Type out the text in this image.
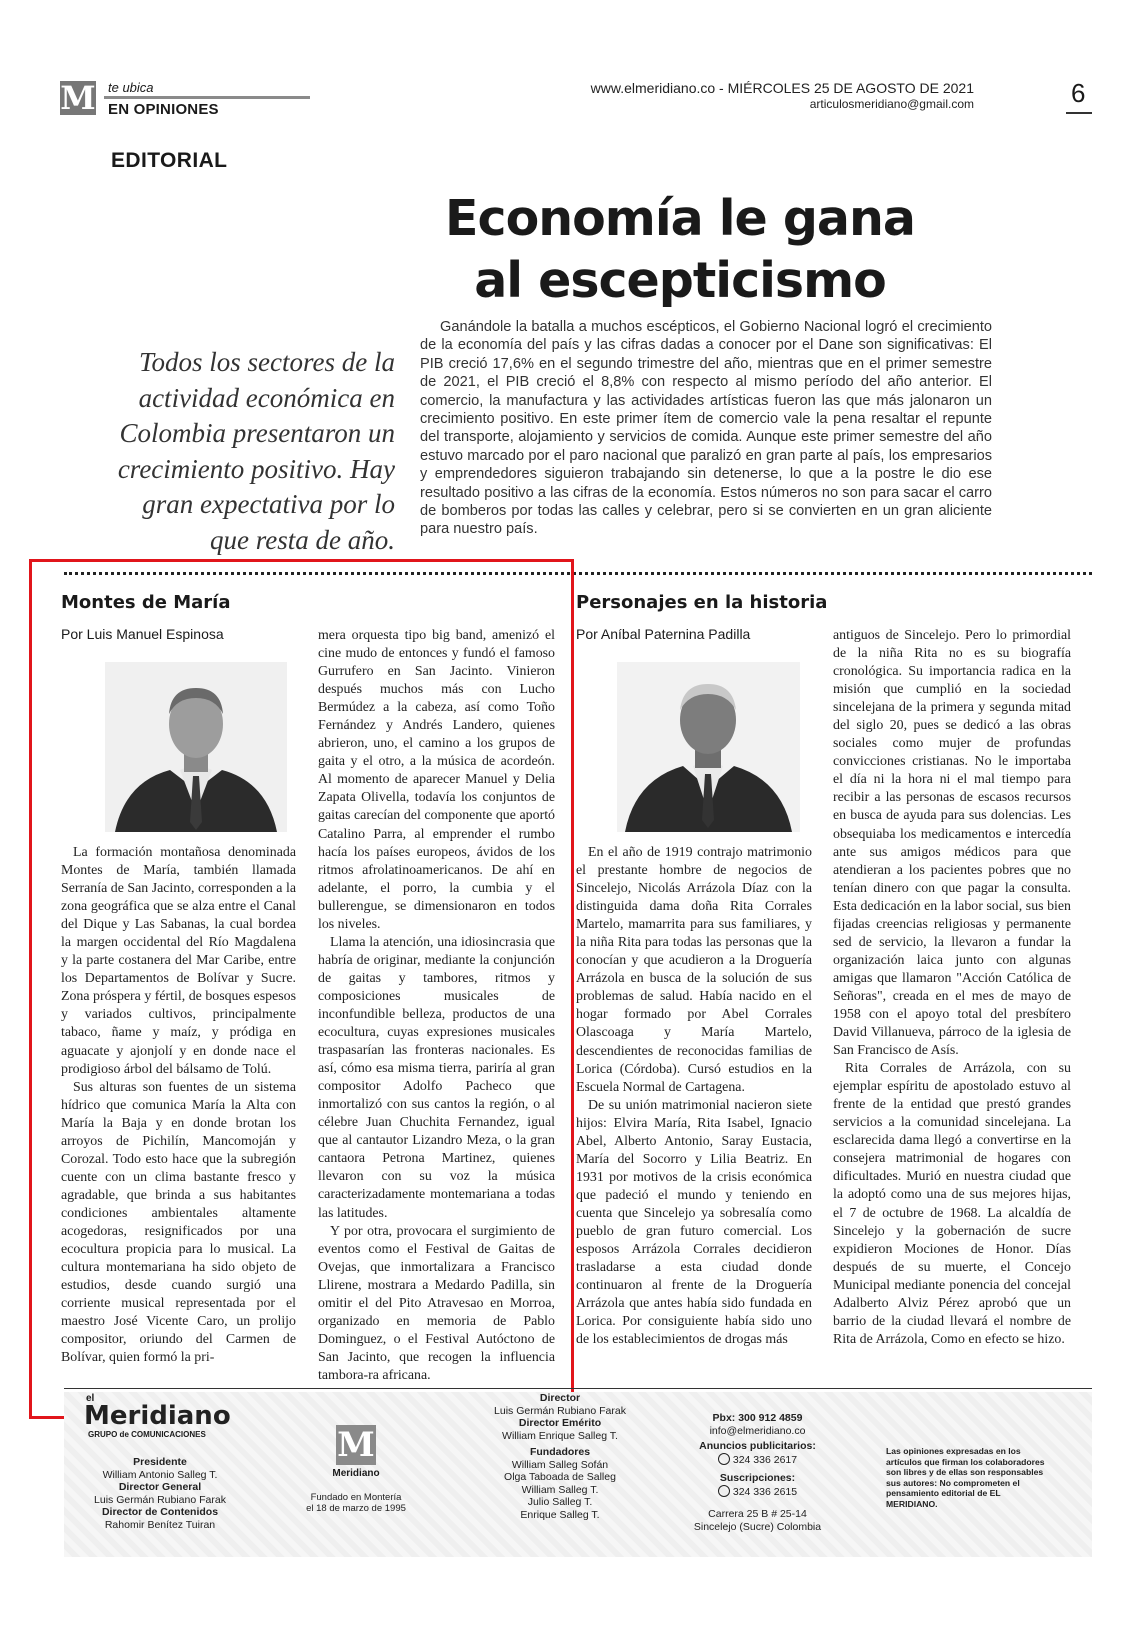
M te ubica
EN OPINIONES
www.elmeridiano.co - MIÉRCOLES 25 DE AGOSTO DE 2021
articulosmeridiano@gmail.com	6
EDITORIAL
Economía le gana
al escepticismo
Todos los sectores de la actividad económica en Colombia presentaron un crecimiento positivo. Hay gran expectativa por lo que resta de año.
Ganándole la batalla a muchos escépticos, el Gobierno Nacional logró el crecimiento de la economía del país y las cifras dadas a conocer por el Dane son significativas: El PIB creció 17,6% en el segundo trimestre del año, mientras que en el primer semestre de 2021, el PIB creció el 8,8% con respecto al mismo período del año anterior. El comercio, la manufactura y las actividades artísticas fueron las que más jalonaron un crecimiento positivo. En este primer ítem de comercio vale la pena resaltar el repunte del transporte, alojamiento y servicios de comida. Aunque este primer semestre del año estuvo marcado por el paro nacional que paralizó en gran parte al país, los empresarios y emprendedores siguieron trabajando sin detenerse, lo que a la postre le dio ese resultado positivo a las cifras de la economía. Estos números no son para sacar el carro de bomberos por todas las calles y celebrar, pero si se convierten en un gran aliciente para nuestro país.
Montes de María
Por Luis Manuel Espinosa

La formación montañosa denominada Montes de María, también llamada Serranía de San Jacinto, corresponden a la zona geográfica que se alza entre el Canal del Dique y Las Sabanas, la cual bordea la margen occidental del Río Magdalena y la parte costanera del Mar Caribe, entre los Departamentos de Bolívar y Sucre. Zona próspera y fértil, de bosques espesos y variados cultivos, principalmente tabaco, ñame y maíz, y pródiga en aguacate y ajonjolí y en donde nace el prodigioso árbol del bálsamo de Tolú.

Sus alturas son fuentes de un sistema hídrico que comunica María la Alta con María la Baja y en donde brotan los arroyos de Pichilín, Mancomoján y Corozal. Todo esto hace que la subregión cuente con un clima bastante fresco y agradable, que brinda a sus habitantes condiciones ambientales altamente acogedoras, resignificados por una ecocultura propicia para lo musical. La cultura montemariana ha sido objeto de estudios, desde cuando surgió una corriente musical representada por el maestro José Vicente Caro, un prolijo compositor, oriundo del Carmen de Bolívar, quien formó la pri-

mera orquesta tipo big band, amenizó el cine mudo de entonces y fundó el famoso Gurrufero en San Jacinto. Vinieron después muchos más con Lucho Bermúdez a la cabeza, así como Toño Fernández y Andrés Landero, quienes abrieron, uno, el camino a los grupos de gaita y el otro, a la música de acordeón. Al momento de aparecer Manuel y Delia Zapata Olivella, todavía los conjuntos de gaitas carecían del componente que aportó Catalino Parra, al emprender el rumbo hacía los países europeos, ávidos de los ritmos afrolatinoamericanos. De ahí en adelante, el porro, la cumbia y el bullerengue, se dimensionaron en todos los niveles.

Llama la atención, una idiosincrasia que habría de originar, mediante la conjunción de gaitas y tambores, ritmos y composiciones musicales de inconfundible belleza, productos de una ecocultura, cuyas expresiones musicales traspasarían las fronteras nacionales. Es así, cómo esa misma tierra, pariría al gran compositor Adolfo Pacheco que inmortalizó con sus cantos la región, o al célebre Juan Chuchita Fernandez, igual que al cantautor Lizandro Meza, o la gran cantaora Petrona Martinez, quienes llevaron con su voz la música caracterizadamente montemariana a todas las latitudes.

Y por otra, provocara el surgimiento de eventos como el Festival de Gaitas de Ovejas, que inmortalizara a Francisco Llirene, mostrara a Medardo Padilla, sin omitir el del Pito Atravesao en Morroa, organizado en memoria de Pablo Dominguez, o el Festival Autóctono de San Jacinto, que recogen la influencia tambora-ra africana.

Personajes en la historia
Por Aníbal Paternina Padilla

En el año de 1919 contrajo matrimonio el prestante hombre de negocios de Sincelejo, Nicolás Arrázola Díaz con la distinguida dama doña Rita Corrales Martelo, mamarrita para sus familiares, y la niña Rita para todas las personas que la conocían y que acudieron a la Droguería Arrázola en busca de la solución de sus problemas de salud. Había nacido en el hogar formado por Abel Corrales Olascoaga y María Martelo, descendientes de reconocidas familias de Lorica (Córdoba). Cursó estudios en la Escuela Normal de Cartagena.

De su unión matrimonial nacieron siete hijos: Elvira María, Rita Isabel, Ignacio Abel, Alberto Antonio, Saray Eustacia, María del Socorro y Lilia Beatriz. En 1931 por motivos de la crisis económica que padeció el mundo y teniendo en cuenta que Sincelejo ya sobresalía como pueblo de gran futuro comercial. Los esposos Arrázola Corrales decidieron trasladarse a esta ciudad donde continuaron al frente de la Droguería Arrázola que antes había sido fundada en Lorica. Por consiguiente había sido uno de los establecimientos de drogas más

antiguos de Sincelejo. Pero lo primordial de la niña Rita no es su biografía cronológica. Su importancia radica en la misión que cumplió en la sociedad sincelejana de la primera y segunda mitad del siglo 20, pues se dedicó a las obras sociales como mujer de profundas convicciones cristianas. No le importaba el día ni la hora ni el mal tiempo para recibir a las personas de escasos recursos en busca de ayuda para sus dolencias. Les obsequiaba los medicamentos e intercedía ante sus amigos médicos para que atendieran a los pacientes pobres que no tenían dinero con que pagar la consulta. Esta dedicación en la labor social, sus bien fijadas creencias religiosas y permanente sed de servicio, la llevaron a fundar la organización laica junto con algunas amigas que llamaron "Acción Católica de Señoras", creada en el mes de mayo de 1958 con el apoyo total del presbítero David Villanueva, párroco de la iglesia de San Francisco de Asís.

Rita Corrales de Arrázola, con su ejemplar espíritu de apostolado estuvo al frente de la entidad que prestó grandes servicios a la comunidad sincelejana. La esclarecida dama llegó a convertirse en la consejera matrimonial de hogares con dificultades. Murió en nuestra ciudad que la adoptó como una de sus mejores hijas, el 7 de octubre de 1968. La alcaldía de Sincelejo y la gobernación de sucre expidieron Mociones de Honor. Días después de su muerte, el Concejo Municipal mediante ponencia del concejal Adalberto Alviz Pérez aprobó que un barrio de la ciudad llevará el nombre de Rita de Arrázola, Como en efecto se hizo.

el
Meridiano
GRUPO de COMUNICACIONES
Presidente
William Antonio Salleg T.
Director General
Luis Germán Rubiano Farak
Director de Contenidos
Rahomir Benítez Tuiran
M
Meridiano
Fundado en Montería el 18 de marzo de 1995
Director
Luis Germán Rubiano Farak
Director Emérito
William Enrique Salleg T.
Fundadores
William Salleg Sofán
Olga Taboada de Salleg
William Salleg T.
Julio Salleg T.
Enrique Salleg T.
Pbx: 300 912 4859
info@elmeridiano.co
Anuncios publicitarios:
324 336 2617
Suscripciones:
324 336 2615
Carrera 25 B # 25-14
Sincelejo (Sucre) Colombia
Las opiniones expresadas en los artículos que firman los colaboradores son libres y de ellas son responsables sus autores: No comprometen el pensamiento editorial de EL MERIDIANO.
